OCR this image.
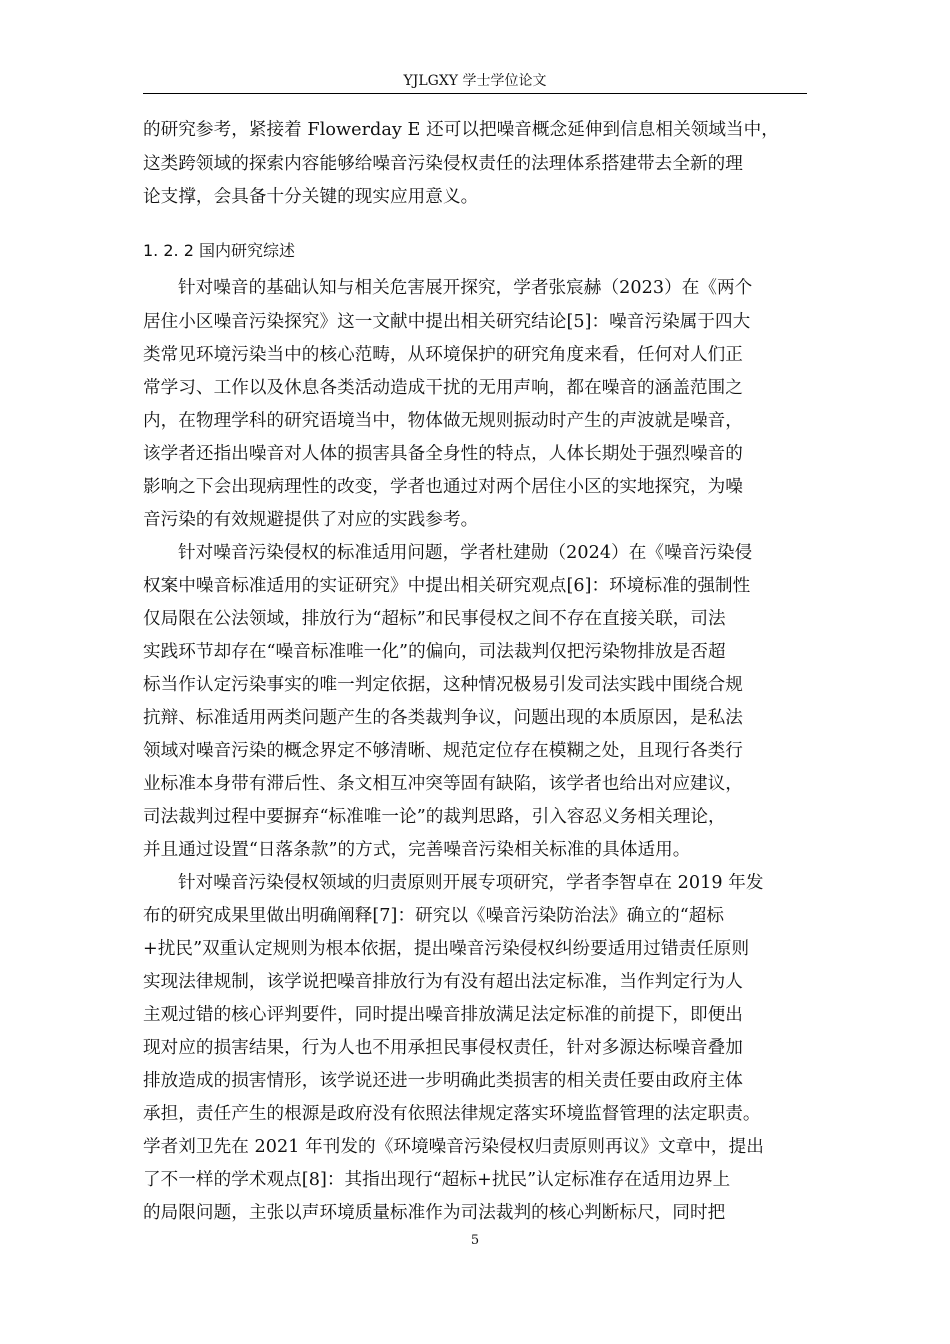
YJLGXY 学士学位论文
的研究参考，紧接着 Flowerday E 还可以把噪音概念延伸到信息相关领域当中，
这类跨领域的探索内容能够给噪音污染侵权责任的法理体系搭建带去全新的理
论支撑，会具备十分关键的现实应用意义。
1. 2. 2 国内研究综述
针对噪音的基础认知与相关危害展开探究，学者张宸赫（2023）在《两个
居住小区噪音污染探究》这一文献中提出相关研究结论[5]：噪音污染属于四大
类常见环境污染当中的核心范畴，从环境保护的研究角度来看，任何对人们正
常学习、工作以及休息各类活动造成干扰的无用声响，都在噪音的涵盖范围之
内，在物理学科的研究语境当中，物体做无规则振动时产生的声波就是噪音，
该学者还指出噪音对人体的损害具备全身性的特点，人体长期处于强烈噪音的
影响之下会出现病理性的改变，学者也通过对两个居住小区的实地探究，为噪
音污染的有效规避提供了对应的实践参考。
针对噪音污染侵权的标准适用问题，学者杜建勋（2024）在《噪音污染侵
权案中噪音标准适用的实证研究》中提出相关研究观点[6]：环境标准的强制性
仅局限在公法领域，排放行为“超标”和民事侵权之间不存在直接关联，司法
实践环节却存在“噪音标准唯一化”的偏向，司法裁判仅把污染物排放是否超
标当作认定污染事实的唯一判定依据，这种情况极易引发司法实践中围绕合规
抗辩、标准适用两类问题产生的各类裁判争议，问题出现的本质原因，是私法
领域对噪音污染的概念界定不够清晰、规范定位存在模糊之处，且现行各类行
业标准本身带有滞后性、条文相互冲突等固有缺陷，该学者也给出对应建议，
司法裁判过程中要摒弃“标准唯一论”的裁判思路，引入容忍义务相关理论，
并且通过设置“日落条款”的方式，完善噪音污染相关标准的具体适用。
针对噪音污染侵权领域的归责原则开展专项研究，学者李智卓在 2019 年发
布的研究成果里做出明确阐释[7]：研究以《噪音污染防治法》确立的“超标
+扰民”双重认定规则为根本依据，提出噪音污染侵权纠纷要适用过错责任原则
实现法律规制，该学说把噪音排放行为有没有超出法定标准，当作判定行为人
主观过错的核心评判要件，同时提出噪音排放满足法定标准的前提下，即便出
现对应的损害结果，行为人也不用承担民事侵权责任，针对多源达标噪音叠加
排放造成的损害情形，该学说还进一步明确此类损害的相关责任要由政府主体
承担，责任产生的根源是政府没有依照法律规定落实环境监督管理的法定职责。
学者刘卫先在 2021 年刊发的《环境噪音污染侵权归责原则再议》文章中，提出
了不一样的学术观点[8]：其指出现行“超标+扰民”认定标准存在适用边界上
的局限问题，主张以声环境质量标准作为司法裁判的核心判断标尺，同时把
5
